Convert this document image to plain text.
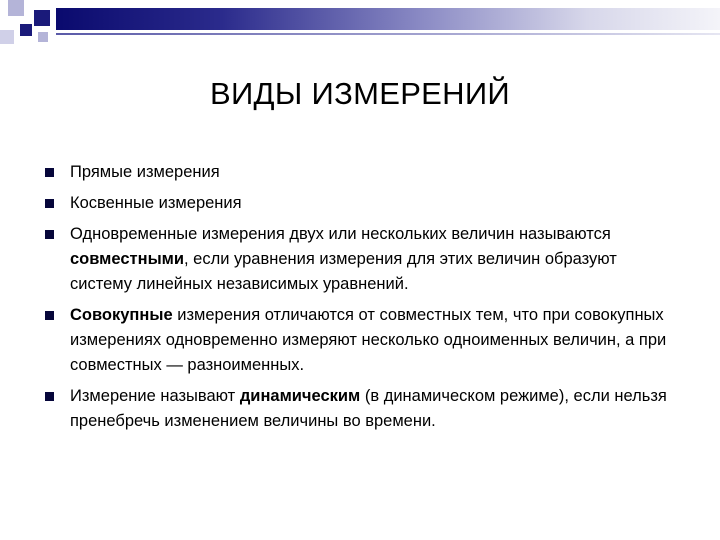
ВИДЫ ИЗМЕРЕНИЙ
Прямые измерения
Косвенные измерения
Одновременные измерения двух или нескольких величин называются совместными, если уравнения измерения для этих величин образуют систему линейных независимых уравнений.
Совокупные измерения отличаются от совместных тем, что при совокупных измерениях одновременно измеряют несколько одноименных величин, а при совместных — разноименных.
Измерение называют динамическим (в динамическом режиме), если нельзя пренебречь изменением величины во времени.
